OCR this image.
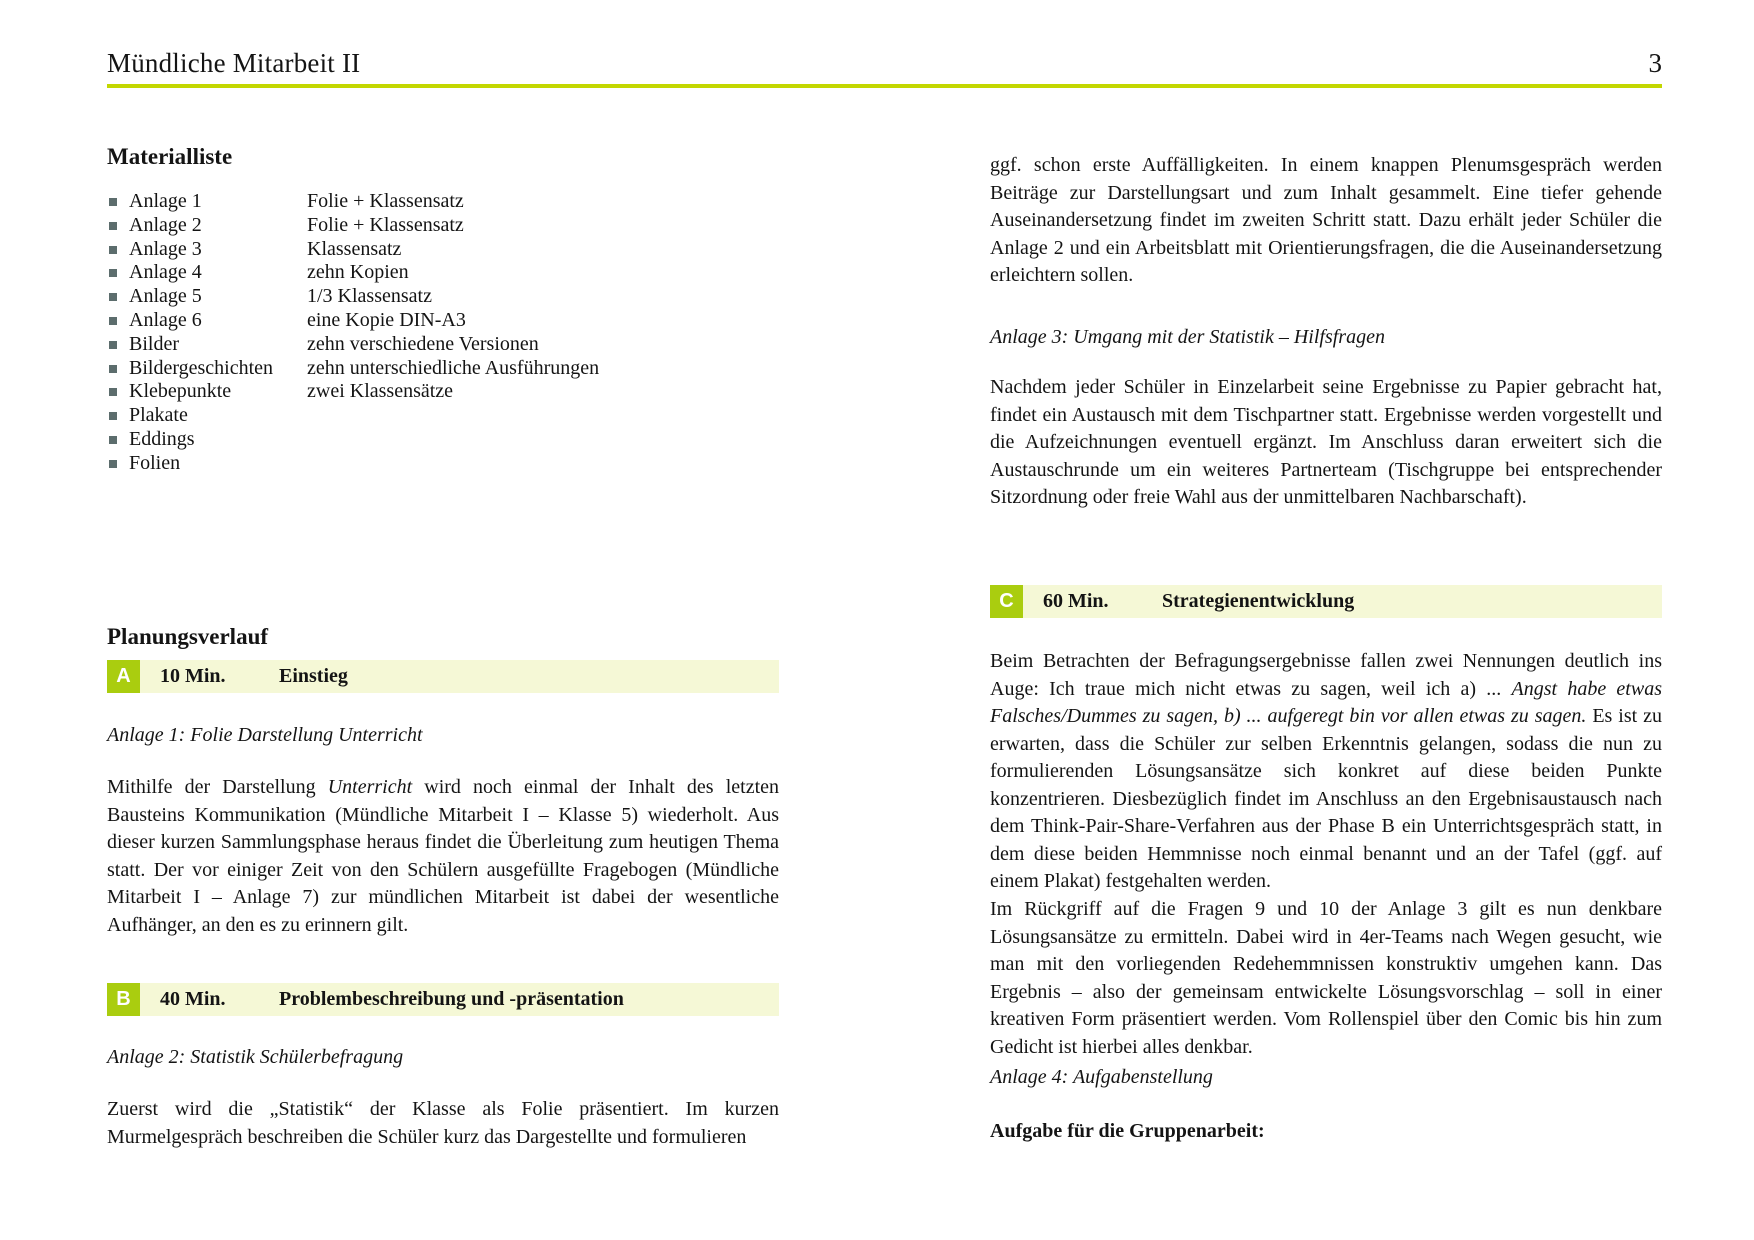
Mündliche Mitarbeit II	3
Materialliste
Anlage 1	Folie + Klassensatz
Anlage 2	Folie + Klassensatz
Anlage 3	Klassensatz
Anlage 4	zehn Kopien
Anlage 5	1/3 Klassensatz
Anlage 6	eine Kopie DIN-A3
Bilder	zehn verschiedene Versionen
Bildergeschichten zehn unterschiedliche Ausführungen
Klebepunkte	zwei Klassensätze
Plakate
Eddings
Folien
Planungsverlauf
A	10 Min.	Einstieg
Anlage 1: Folie Darstellung Unterricht
Mithilfe der Darstellung Unterricht wird noch einmal der Inhalt des letzten Bausteins Kommunikation (Mündliche Mitarbeit I – Klasse 5) wiederholt. Aus dieser kurzen Sammlungsphase heraus findet die Überleitung zum heutigen Thema statt. Der vor einiger Zeit von den Schülern ausgefüllte Fragebogen (Mündliche Mitarbeit I – Anlage 7) zur mündlichen Mitarbeit ist dabei der wesentliche Aufhänger, an den es zu erinnern gilt.
B	40 Min.	Problembeschreibung und -präsentation
Anlage 2: Statistik Schülerbefragung
Zuerst wird die „Statistik“ der Klasse als Folie präsentiert. Im kurzen Murmelgespräch beschreiben die Schüler kurz das Dargestellte und formulieren
ggf. schon erste Auffälligkeiten. In einem knappen Plenumsgespräch werden Beiträge zur Darstellungsart und zum Inhalt gesammelt. Eine tiefer gehende Auseinandersetzung findet im zweiten Schritt statt. Dazu erhält jeder Schüler die Anlage 2 und ein Arbeitsblatt mit Orientierungsfragen, die die Auseinandersetzung erleichtern sollen.
Anlage 3: Umgang mit der Statistik – Hilfsfragen
Nachdem jeder Schüler in Einzelarbeit seine Ergebnisse zu Papier gebracht hat, findet ein Austausch mit dem Tischpartner statt. Ergebnisse werden vorgestellt und die Aufzeichnungen eventuell ergänzt. Im Anschluss daran erweitert sich die Austauschrunde um ein weiteres Partnerteam (Tischgruppe bei entsprechender Sitzordnung oder freie Wahl aus der unmittelbaren Nachbarschaft).
C	60 Min.	Strategienentwicklung
Beim Betrachten der Befragungsergebnisse fallen zwei Nennungen deutlich ins Auge: Ich traue mich nicht etwas zu sagen, weil ich a) ... Angst habe etwas Falsches/Dummes zu sagen, b) ... aufgeregt bin vor allen etwas zu sagen. Es ist zu erwarten, dass die Schüler zur selben Erkenntnis gelangen, sodass die nun zu formulierenden Lösungsansätze sich konkret auf diese beiden Punkte konzentrieren. Diesbezüglich findet im Anschluss an den Ergebnisaustausch nach dem Think-Pair-Share-Verfahren aus der Phase B ein Unterrichtsgespräch statt, in dem diese beiden Hemmnisse noch einmal benannt und an der Tafel (ggf. auf einem Plakat) festgehalten werden.
Im Rückgriff auf die Fragen 9 und 10 der Anlage 3 gilt es nun denkbare Lösungsansätze zu ermitteln. Dabei wird in 4er-Teams nach Wegen gesucht, wie man mit den vorliegenden Redehemmnissen konstruktiv umgehen kann. Das Ergebnis – also der gemeinsam entwickelte Lösungsvorschlag – soll in einer kreativen Form präsentiert werden. Vom Rollenspiel über den Comic bis hin zum Gedicht ist hierbei alles denkbar.
Anlage 4: Aufgabenstellung
Aufgabe für die Gruppenarbeit:
